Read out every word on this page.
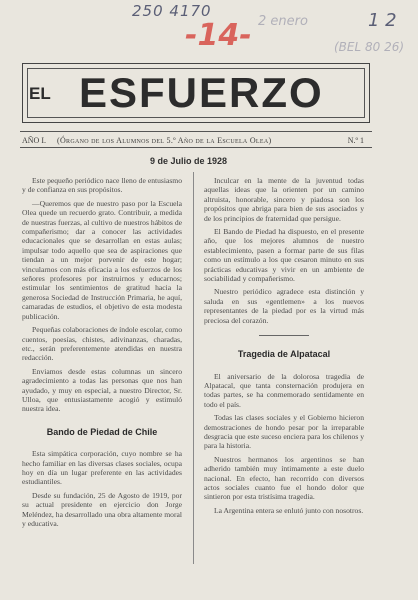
250 4170
-14-	1 2
2 enero
(BEL 80 26)
EL ESFUERZO
AÑO I. (Órgano de los Alumnos del 5.º Año de la Escuela Olea)	N.º 1
9 de Julio de 1928

Este pequeño periódico nace lleno de entusiasmo y de confianza en sus propósitos.

—Queremos que de nuestro paso por la Escuela Olea quede un recuerdo grato. Contribuir, a medida de nuestras fuerzas, al cultivo de nuestros hábitos de compañerismo; dar a conocer las actividades educacionales que se desarrollan en estas aulas; impulsar todo aquello que sea de aspiraciones que tiendan a un mejor porvenir de este hogar; vincularnos con más eficacia a los esfuerzos de los señores profesores por instruirnos y educarnos; estimular los sentimientos de gratitud hacia la generosa Sociedad de Instrucción Primaria, he aquí, camaradas de estudios, el objetivo de esta modesta publicación.

Pequeñas colaboraciones de índole escolar, como cuentos, poesías, chistes, adivinanzas, charadas, etc., serán preferentemente atendidas en nuestra redacción.

Enviamos desde estas columnas un sincero agradecimiento a todas las personas que nos han ayudado, y muy en especial, a nuestro Director, Sr. Ulloa, que entusiastamente acogió y estimuló nuestra idea.

Bando de Piedad de Chile

Esta simpática corporación, cuyo nombre se ha hecho familiar en las diversas clases sociales, ocupa hoy en día un lugar preferente en las actividades estudiantiles.

Desde su fundación, 25 de Agosto de 1919, por su actual presidente en ejercicio don Jorge Meléndez, ha desarrollado una obra altamente moral y educativa.

Inculcar en la mente de la juventud todas aquellas ideas que la orienten por un camino altruista, honorable, sincero y piadosa son los propósitos que abriga para bien de sus asociados y de los principios de fraternidad que persigue.

El Bando de Piedad ha dispuesto, en el presente año, que los mejores alumnos de nuestro establecimiento, pasen a formar parte de sus filas como un estímulo a los que cesaron minuto en sus prácticas educativas y vivir en un ambiente de sociabilidad y compañerismo.

Nuestro periódico agradece esta distinción y saluda en sus «gentlemen» a los nuevos representantes de la piedad por es la virtud más preciosa del corazón.

Tragedia de Alpatacal

El aniversario de la dolorosa tragedia de Alpatacal, que tanta consternación produjera en todas partes, se ha conmemorado sentidamente en todo el país.

Todas las clases sociales y el Gobierno hicieron demostraciones de hondo pesar por la irreparable desgracia que este suceso enciera para los chilenos y para la historia.

Nuestros hermanos los argentinos se han adherido también muy íntimamente a este duelo nacional. En efecto, han recorrido con diversos actos sociales cuanto fue el hondo dolor que sintieron por esta tristísima tragedia.

La Argentina entera se enlutó junto con nosotros.
